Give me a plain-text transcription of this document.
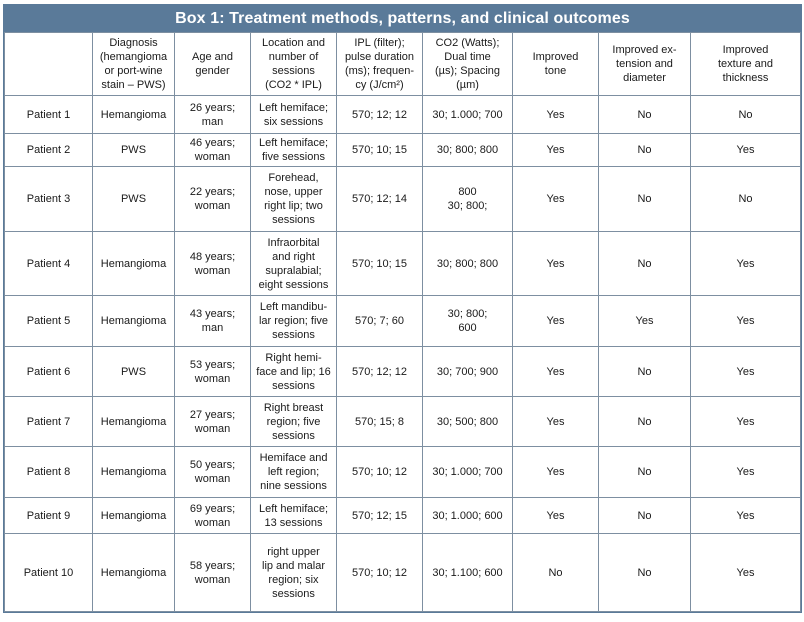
Box 1: Treatment methods, patterns, and clinical outcomes
	Diagnosis
(hemangioma
or port-wine
stain – PWS)	Age and
gender	Location and
number of
sessions
(CO2 * IPL)	IPL (filter);
pulse duration
(ms); frequen-
cy (J/cm²)	CO2 (Watts);
Dual time
(µs); Spacing
(µm)	Improved
tone	Improved ex-
tension and
diameter	Improved
texture and
thickness
Patient 1	Hemangioma	26 years;
man	Left hemiface;
six sessions	570; 12; 12	30; 1.000; 700	Yes	No	No
Patient 2	PWS	46 years;
woman	Left hemiface;
five sessions	570; 10; 15	30; 800; 800	Yes	No	Yes
Patient 3	PWS	22 years;
woman	Forehead,
nose, upper
right lip; two
sessions	570; 12; 14	800
30; 800;	Yes	No	No
Patient 4	Hemangioma	48 years;
woman	Infraorbital
and right
supralabial;
eight sessions	570; 10; 15	30; 800; 800	Yes	No	Yes
Patient 5	Hemangioma	43 years;
man	Left mandibu-
lar region; five
sessions	570; 7; 60	30; 800;
600	Yes	Yes	Yes
Patient 6	PWS	53 years;
woman	Right hemi-
face and lip; 16
sessions	570; 12; 12	30; 700; 900	Yes	No	Yes
Patient 7	Hemangioma	27 years;
woman	Right breast
region; five
sessions	570; 15; 8	30; 500; 800	Yes	No	Yes
Patient 8	Hemangioma	50 years;
woman	Hemiface and
left region;
nine sessions	570; 10; 12	30; 1.000; 700	Yes	No	Yes
Patient 9	Hemangioma	69 years;
woman	Left hemiface;
13 sessions	570; 12; 15	30; 1.000; 600	Yes	No	Yes
Patient 10	Hemangioma	58 years;
woman	right upper
lip and malar
region; six
sessions	570; 10; 12	30; 1.100; 600	No	No	Yes
